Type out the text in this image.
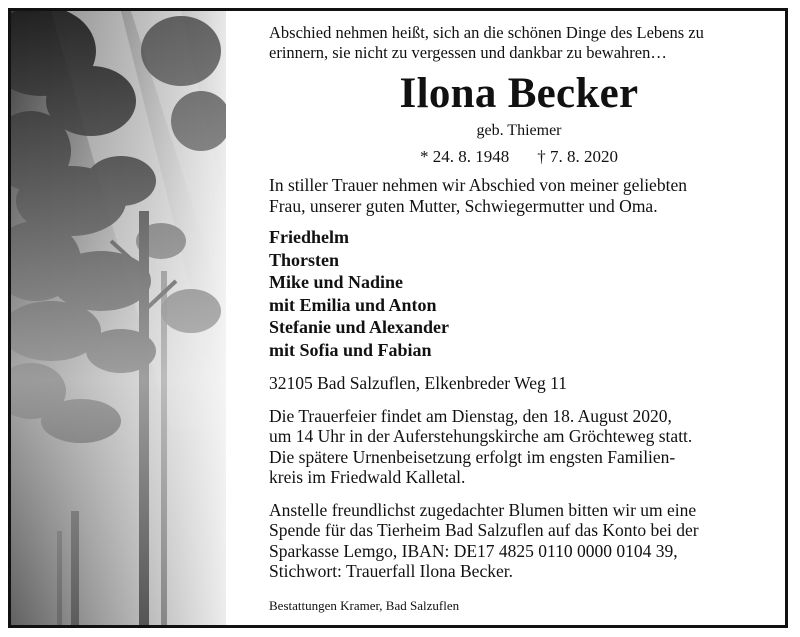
Abschied nehmen heißt, sich an die schönen Dinge des Lebens zu
erinnern, sie nicht zu vergessen und dankbar zu bewahren…

Ilona Becker

geb. Thiemer

* 24. 8. 1948 † 7. 8. 2020

In stiller Trauer nehmen wir Abschied von meiner geliebten
Frau, unserer guten Mutter, Schwiegermutter und Oma.

Friedhelm
Thorsten
Mike und Nadine
mit Emilia und Anton
Stefanie und Alexander
mit Sofia und Fabian

32105 Bad Salzuflen, Elkenbreder Weg 11

Die Trauerfeier findet am Dienstag, den 18. August 2020,
um 14 Uhr in der Auferstehungskirche am Gröchteweg statt.
Die spätere Urnenbeisetzung erfolgt im engsten Familien-
kreis im Friedwald Kalletal.

Anstelle freundlichst zugedachter Blumen bitten wir um eine
Spende für das Tierheim Bad Salzuflen auf das Konto bei der
Sparkasse Lemgo, IBAN: DE17 4825 0110 0000 0104 39,
Stichwort: Trauerfall Ilona Becker.

Bestattungen Kramer, Bad Salzuflen
